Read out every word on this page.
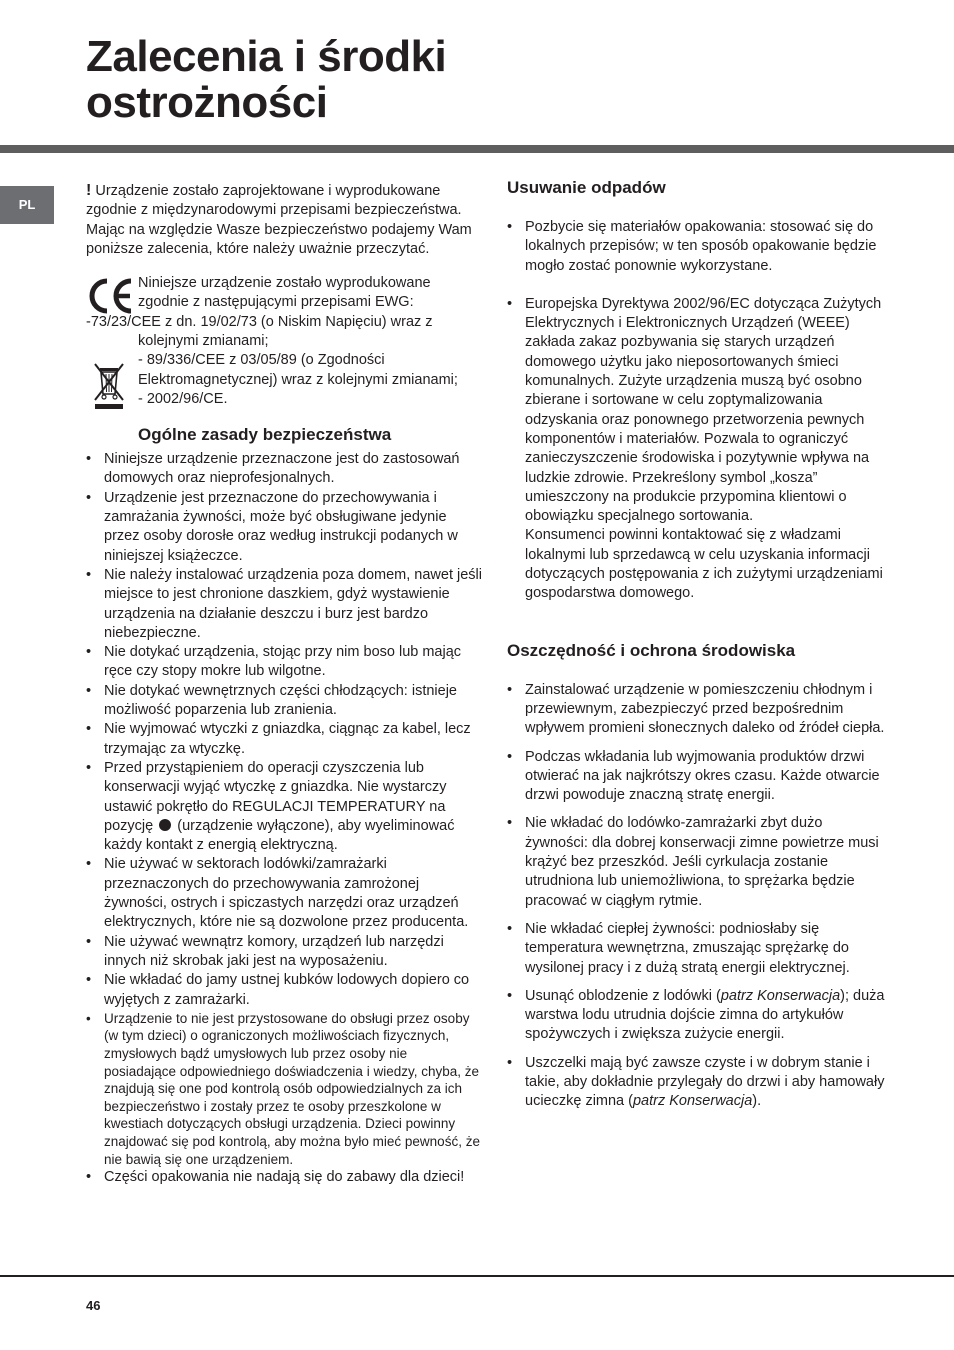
Zalecenia i środki
ostrożności
PL

! Urządzenie zostało zaprojektowane i wyprodukowane zgodnie z międzynarodowymi przepisami bezpieczeństwa. Mając na względzie Wasze bezpieczeństwo podajemy Wam poniższe zalecenia, które należy uważnie przeczytać.

Niniejsze urządzenie zostało wyprodukowane
zgodnie z następującymi przepisami EWG:
-73/23/CEE z dn. 19/02/73 (o Niskim Napięciu) wraz z
kolejnymi zmianami;
- 89/336/CEE z 03/05/89 (o Zgodności
Elektromagnetycznej) wraz z kolejnymi zmianami;
- 2002/96/CE.
Ogólne zasady bezpieczeństwa
• Niniejsze urządzenie przeznaczone jest do zastosowań domowych oraz nieprofesjonalnych.
• Urządzenie jest przeznaczone do przechowywania i zamrażania żywności, może być obsługiwane jedynie przez osoby dorosłe oraz według instrukcji podanych w niniejszej książeczce.
• Nie należy instalować urządzenia poza domem, nawet jeśli miejsce to jest chronione daszkiem, gdyż wystawienie urządzenia na działanie deszczu i burz jest bardzo niebezpieczne.
• Nie dotykać urządzenia, stojąc przy nim boso lub mając ręce czy stopy mokre lub wilgotne.
• Nie dotykać wewnętrznych części chłodzących: istnieje możliwość poparzenia lub zranienia.
• Nie wyjmować wtyczki z gniazdka, ciągnąc za kabel, lecz trzymając za wtyczkę.
• Przed przystąpieniem do operacji czyszczenia lub konserwacji wyjąć wtyczkę z gniazdka. Nie wystarczy ustawić pokrętło do REGULACJI TEMPERATURY na pozycję (urządzenie wyłączone), aby wyeliminować każdy kontakt z energią elektryczną.
• Nie używać w sektorach lodówki/zamrażarki przeznaczonych do przechowywania zamrożonej żywności, ostrych i spiczastych narzędzi oraz urządzeń elektrycznych, które nie są dozwolone przez producenta.
• Nie używać wewnątrz komory, urządzeń lub narzędzi innych niż skrobak jaki jest na wyposażeniu.
• Nie wkładać do jamy ustnej kubków lodowych dopiero co wyjętych z zamrażarki.
• Urządzenie to nie jest przystosowane do obsługi przez osoby (w tym dzieci) o ograniczonych możliwościach fizycznych, zmysłowych bądź umysłowych lub przez osoby nie posiadające odpowiedniego doświadczenia i wiedzy, chyba, że znajdują się one pod kontrolą osób odpowiedzialnych za ich bezpieczeństwo i zostały przez te osoby przeszkolone w kwestiach dotyczących obsługi urządzenia. Dzieci powinny znajdować się pod kontrolą, aby można było mieć pewność, że nie bawią się one urządzeniem.
• Części opakowania nie nadają się do zabawy dla dzieci!
Usuwanie odpadów
• Pozbycie się materiałów opakowania: stosować się do lokalnych przepisów; w ten sposób opakowanie będzie mogło zostać ponownie wykorzystane.
• Europejska Dyrektywa 2002/96/EC dotycząca Zużytych Elektrycznych i Elektronicznych Urządzeń (WEEE) zakłada zakaz pozbywania się starych urządzeń domowego użytku jako nieposortowanych śmieci komunalnych. Zużyte urządzenia muszą być osobno zbierane i sortowane w celu zoptymalizowania odzyskania oraz ponownego przetworzenia pewnych komponentów i materiałów. Pozwala to ograniczyć zanieczyszczenie środowiska i pozytywnie wpływa na ludzkie zdrowie. Przekreślony symbol „kosza” umieszczony na produkcie przypomina klientowi o obowiązku specjalnego sortowania.
Konsumenci powinni kontaktować się z władzami lokalnymi lub sprzedawcą w celu uzyskania informacji dotyczących postępowania z ich zużytymi urządzeniami gospodarstwa domowego.
Oszczędność i ochrona środowiska
• Zainstalować urządzenie w pomieszczeniu chłodnym i przewiewnym, zabezpieczyć przed bezpośrednim wpływem promieni słonecznych daleko od źródeł ciepła.
• Podczas wkładania lub wyjmowania produktów drzwi otwierać na jak najkrótszy okres czasu. Każde otwarcie drzwi powoduje znaczną stratę energii.
• Nie wkładać do lodówko-zamrażarki zbyt dużo żywności: dla dobrej konserwacji zimne powietrze musi krążyć bez przeszkód. Jeśli cyrkulacja zostanie utrudniona lub uniemożliwiona, to sprężarka będzie pracować w ciągłym rytmie.
• Nie wkładać ciepłej żywności: podniosłaby się temperatura wewnętrzna, zmuszając sprężarkę do wysilonej pracy i z dużą stratą energii elektrycznej.
• Usunąć oblodzenie z lodówki (patrz Konserwacja); duża warstwa lodu utrudnia dojście zimna do artykułów spożywczych i zwiększa zużycie energii.
• Uszczelki mają być zawsze czyste i w dobrym stanie i takie, aby dokładnie przylegały do drzwi i aby hamowały ucieczkę zimna (patrz Konserwacja).
46
